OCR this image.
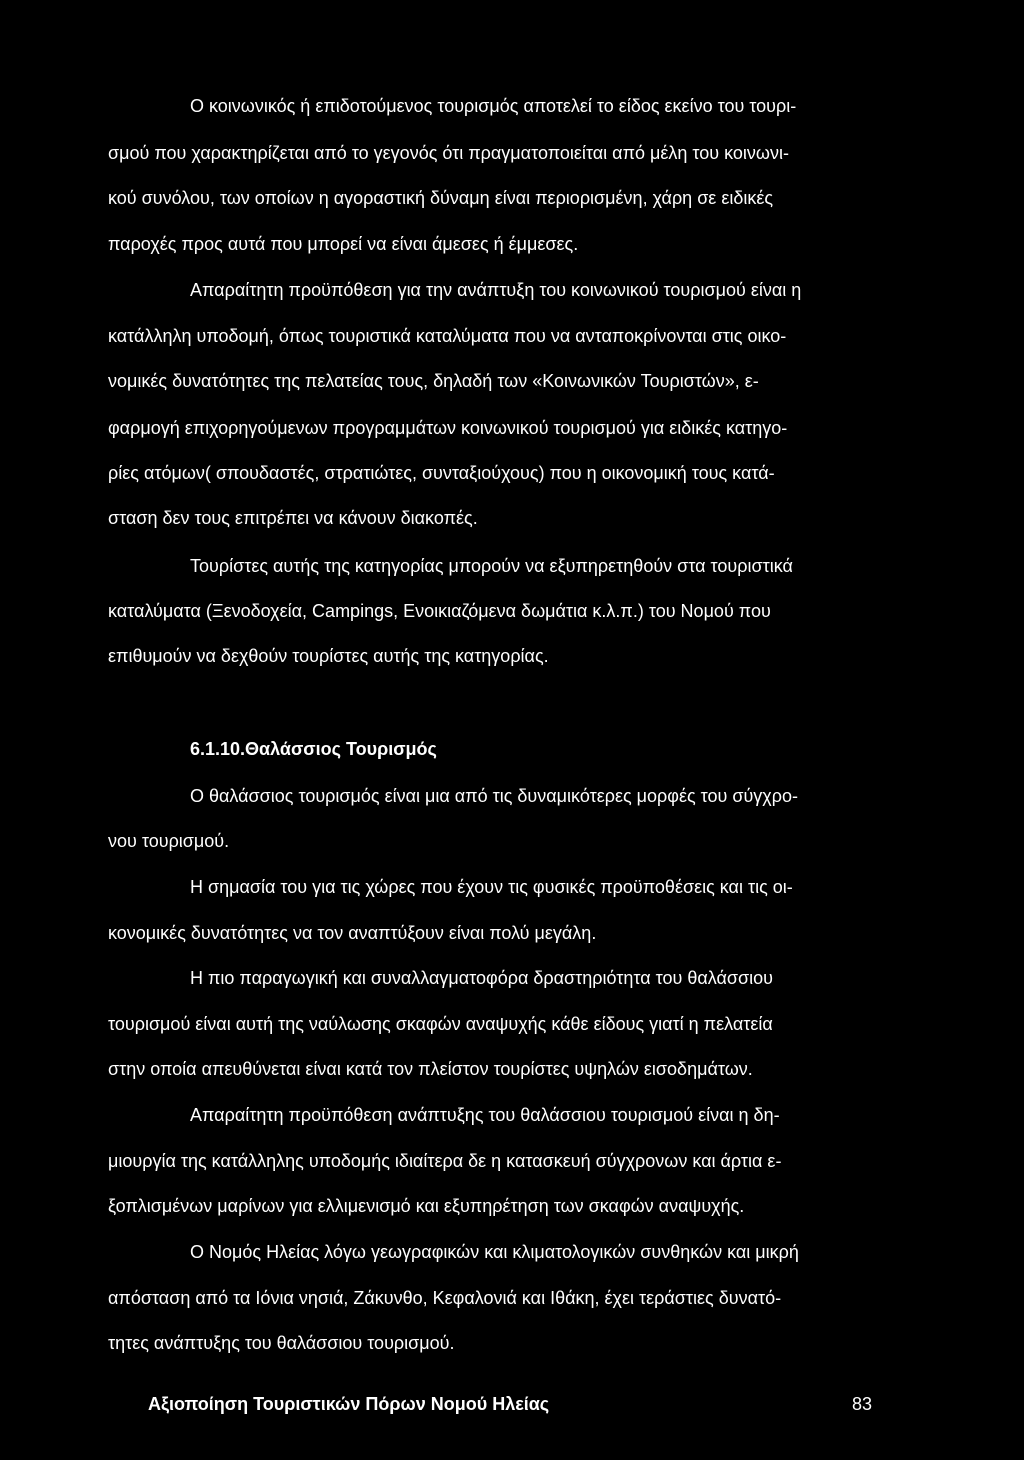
Ο κοινωνικός ή επιδοτούμενος τουρισμός αποτελεί το είδος εκείνο του τουρι-

σμού που χαρακτηρίζεται από το γεγονός ότι πραγματοποιείται από μέλη του κοινωνι-

κού συνόλου, των οποίων η αγοραστική δύναμη είναι περιορισμένη, χάρη σε ειδικές

παροχές προς αυτά που μπορεί να είναι άμεσες ή έμμεσες.

Απαραίτητη προϋπόθεση για την ανάπτυξη του κοινωνικού τουρισμού είναι η

κατάλληλη υποδομή, όπως τουριστικά καταλύματα που να ανταποκρίνονται στις οικο-

νομικές δυνατότητες της πελατείας τους, δηλαδή των «Κοινωνικών Τουριστών», ε-

φαρμογή επιχορηγούμενων προγραμμάτων κοινωνικού τουρισμού για ειδικές κατηγο-

ρίες ατόμων( σπουδαστές, στρατιώτες, συνταξιούχους) που η οικονομική τους κατά-

σταση δεν τους επιτρέπει να κάνουν διακοπές.

Τουρίστες αυτής της κατηγορίας μπορούν να εξυπηρετηθούν στα τουριστικά

καταλύματα (Ξενοδοχεία, Campings, Ενοικιαζόμενα δωμάτια κ.λ.π.) του Νομού που

επιθυμούν να δεχθούν τουρίστες αυτής της κατηγορίας.

6.1.10.Θαλάσσιος Τουρισμός

Ο θαλάσσιος τουρισμός είναι μια από τις δυναμικότερες μορφές του σύγχρο-

νου τουρισμού.

Η σημασία του για τις χώρες που έχουν τις φυσικές προϋποθέσεις και τις οι-

κονομικές δυνατότητες να τον αναπτύξουν είναι πολύ μεγάλη.

Η πιο παραγωγική και συναλλαγματοφόρα δραστηριότητα του θαλάσσιου

τουρισμού είναι αυτή της ναύλωσης σκαφών αναψυχής κάθε είδους γιατί η πελατεία

στην οποία απευθύνεται είναι κατά τον πλείστον τουρίστες υψηλών εισοδημάτων.

Απαραίτητη προϋπόθεση ανάπτυξης του θαλάσσιου τουρισμού είναι η δη-

μιουργία της κατάλληλης υποδομής ιδιαίτερα δε η κατασκευή σύγχρονων και άρτια ε-

ξοπλισμένων μαρίνων για ελλιμενισμό και εξυπηρέτηση των σκαφών αναψυχής.

Ο Νομός Ηλείας λόγω γεωγραφικών και κλιματολογικών συνθηκών και μικρή

απόσταση από τα Ιόνια νησιά, Ζάκυνθο, Κεφαλονιά και Ιθάκη, έχει τεράστιες δυνατό-

τητες ανάπτυξης του θαλάσσιου τουρισμού.

Αξιοποίηση Τουριστικών Πόρων Νομού Ηλείας	83
